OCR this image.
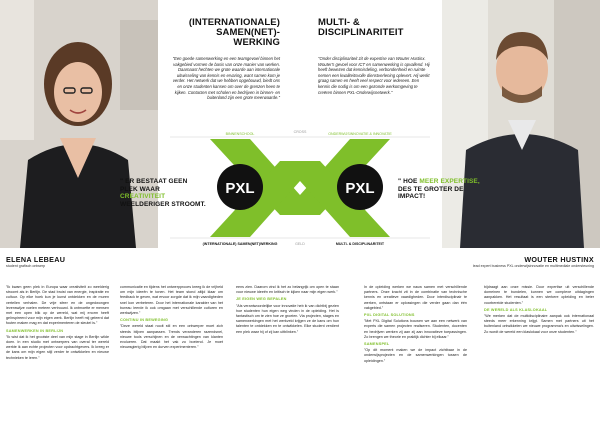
(INTERNATIONALE) SAMEN(NET)-WERKING
"Een goede samenwerking en een teamgevoel binnen het vakgebied vormen de basis van onze manier van werken. Daarnaast hechten we grote waarde aan internationale uitwisseling van kennis en ervaring, want samen kom je verder. Het netwerk dat we hebben opgebouwd, biedt ons en onze studenten kansen om over de grenzen heen te kijken. Contacten met scholen en bedrijven in binnen- en buitenland zijn een grote meerwaarde."
MULTI- & DISCIPLINARITEIT
"Onder disciplinariteit zit de expertise van Wouter Hustinx. Wouter's gevoel voor ICT en samenwerking is opvallend. Hij heeft bewezen dat kennisdeling, verbondenheid en ruimte nemen een kwaliteitsvolle dienstverlening oplevert. Hij werkt graag samen en heeft veel respect voor iedereen. Een kennis die nodig is om een gezonde werkomgeving te creëren binnen PXL-Onderwijsnetwerk."
PXL	PXL
BINNENSCHOOL	CROSS	ONDERWIJSINNOVATIE & INNOVATIE
(INTERNATIONALE) SAMEN(NET)WERKING	GELD	MULTI- & DISCIPLINARITEIT
" ER BESTAAT GEEN PLEK WAAR CREATIVITEIT WEELDERIGER STROOMT.
" HOE MEER EXPERTISE, DES TE GROTER DE IMPACT!
ELENA LEBEAU
student grafisch ontwerp
WOUTER HUSTINX
lead expert business PXL onderwijsinnovatie en multimediale ondersteuning

"Ik kwam geen plek in Europa waar creativiteit zo weelderig stroomt als in Berlijn. De stad bruist van energie, inspiratie en cultuur. Op elke hoek kun je kunst ontdekken en de muren vertellen verhalen. De vrije sfeer en de ongedwongen levenswijze voelen meteen vertrouwd. Ik ontmoette er mensen met een open blik op de wereld, wat mij enorm heeft geïnspireerd voor mijn eigen werk. Berlijn heeft mij geleerd dat fouten maken mag en dat experimenteren de sleutel is."

SAMENWERKEN IN BERLIJN

"Ik wist dat ik het grootste deel van mijn stage in Berlijn wilde doen. In een studio met ontwerpers van overal ter wereld werkte ik aan echte projecten voor opdrachtgevers. Ik kreeg er de kans om mijn eigen stijl verder te ontwikkelen en nieuwe technieken te leren."

communicatie en tijdens het ontwerpproces kreeg ik de vrijheid om mijn ideeën te tonen. Het team stond altijd klaar om feedback te geven, wat ervoor zorgde dat ik mijn vaardigheden snel kon verbeteren. Door het internationale karakter van het bureau leerde ik ook omgaan met verschillende culturen en werkwijzen."

CONTINU IN BEWEGING

"Deze wereld staat nooit stil en een ontwerper moet zich steeds blijven aanpassen. Trends veranderen razendsnel, nieuwe tools verschijnen en de verwachtingen van klanten evolueren. Dat maakt het vak zo boeiend. Je moet nieuwsgierig blijven en durven experimenteren."

eens zien. Daarom vind ik het zo belangrijk om open te staan voor nieuwe ideeën en kritisch te kijken naar mijn eigen werk."

JE EIGEN WEG BEPALEN

"Als verantwoordelijke voor innovatie heb ik van dichtbij gezien hoe studenten hun eigen weg vinden in de opleiding. Het is fantastisch om te zien hoe ze groeien. Via projecten, stages en samenwerkingen met het werkveld krijgen ze de kans om hun talenten te ontdekken en te ontwikkelen. Elke student verdient een plek waar hij of zij kan uitblinken."

In de opleiding werken we nauw samen met verschillende partners. Onze kracht zit in de combinatie van technische kennis en creatieve vaardigheden. Door interdisciplinair te werken, ontstaan er oplossingen die verder gaan dan één vakgebied."

PXL DIGITAL SOLUTIONS

"Met PXL Digital Solutions bouwen we aan een netwerk van experts die samen projecten realiseren. Studenten, docenten en bedrijven werken zij aan zij aan innovatieve toepassingen. Zo brengen we theorie en praktijk dichter bij elkaar."

SAMENSPEL

"Op dit moment maken we de impact zichtbaar in de onderwijsprojecten en de samenwerkingen tussen de opleidingen."

bijdraagt aan onze missie. Door expertise uit verschillende domeinen te bundelen, kunnen we complexe uitdagingen aanpakken. Het resultaat is een sterkere opleiding en beter voorbereide studenten."

DE WERELD ALS KLASLOKAAL

"We merken dat de multidisciplinaire aanpak ook internationaal steeds meer erkenning krijgt. Samen met partners uit het buitenland ontwikkelen we nieuwe programma's en uitwisselingen. Zo wordt de wereld een klaslokaal voor onze studenten."
